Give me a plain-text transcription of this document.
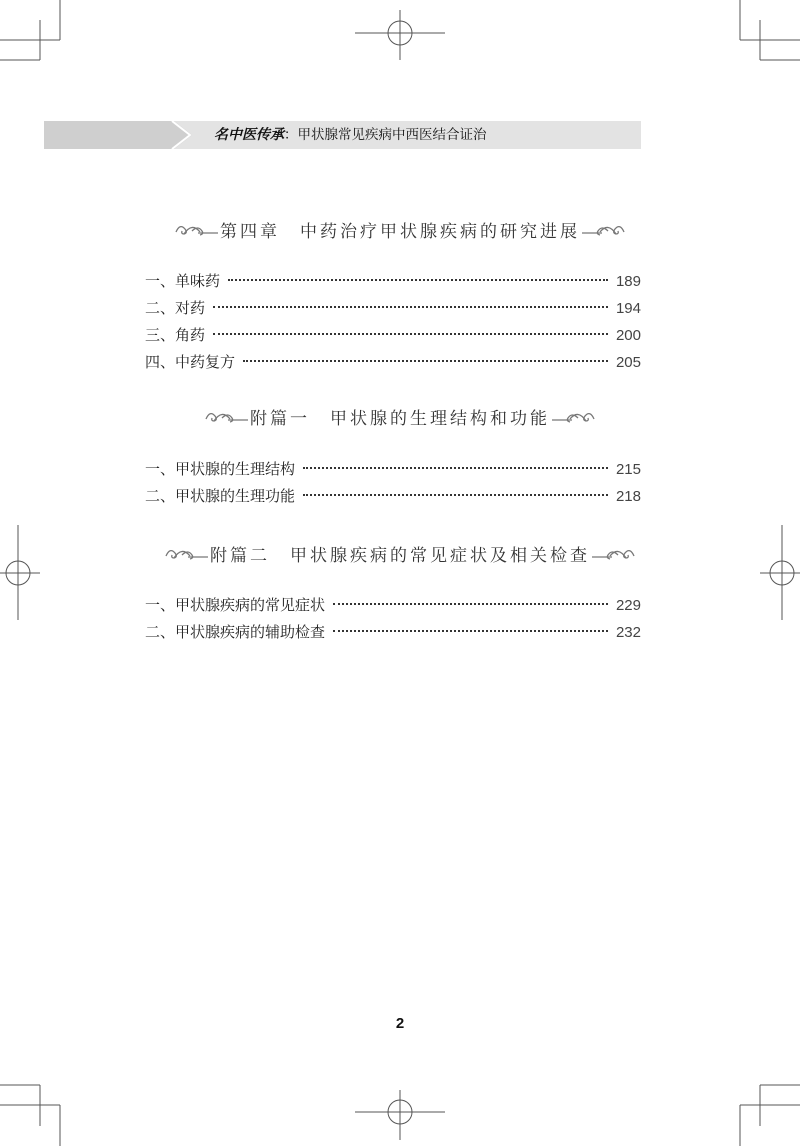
名中医传承：甲状腺常见疾病中西医结合证治
第四章　中药治疗甲状腺疾病的研究进展
一、单味药	189
二、对药	194
三、角药	200
四、中药复方	205
附篇一　甲状腺的生理结构和功能
一、甲状腺的生理结构	215
二、甲状腺的生理功能	218
附篇二　甲状腺疾病的常见症状及相关检查
一、甲状腺疾病的常见症状	229
二、甲状腺疾病的辅助检查	232
2
